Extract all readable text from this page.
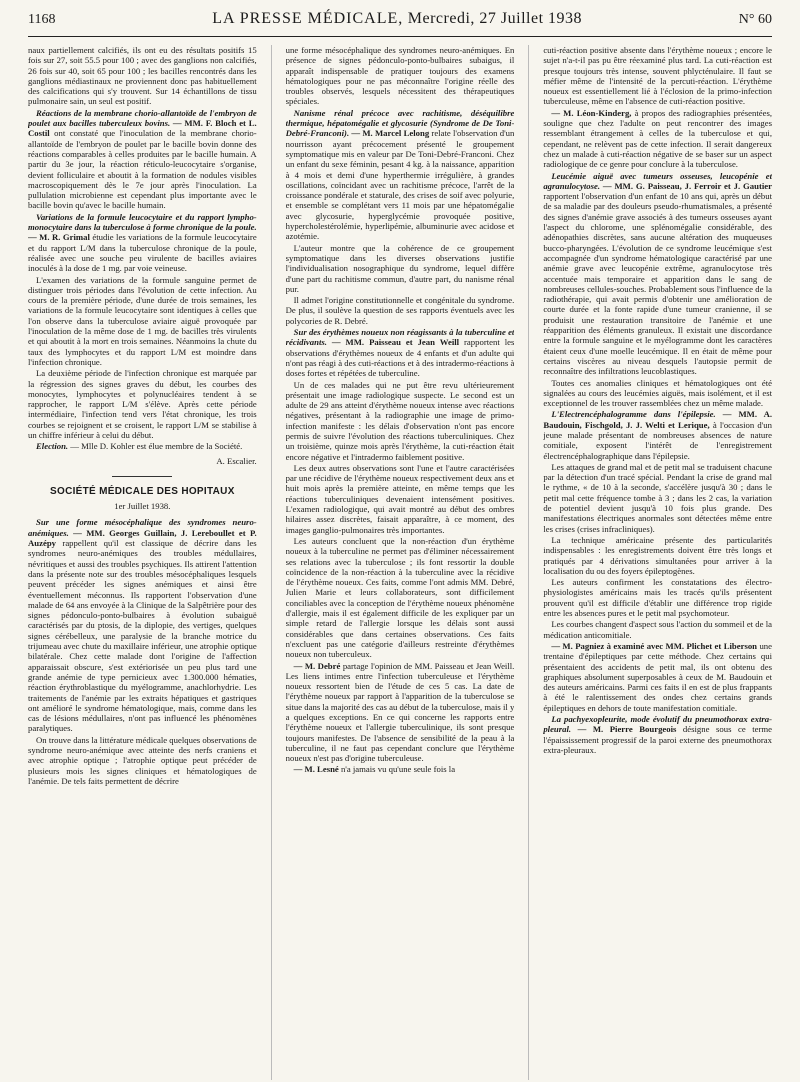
1168	LA PRESSE MÉDICALE, Mercredi, 27 Juillet 1938	N° 60

naux partiellement calcifiés, ils ont eu des résultats positifs 15 fois sur 27, soit 55.5 pour 100 ; avec des ganglions non calcifiés, 26 fois sur 40, soit 65 pour 100 ; les bacilles rencontrés dans les ganglions médiastinaux ne proviennent donc pas habituellement des calcifications qui s'y trouvent. Sur 14 échantillons de tissu pulmonaire sain, un seul est positif.

Réactions de la membrane chorio-allantoïde de l'embryon de poulet aux bacilles tuberculeux bovins. — MM. F. Bloch et L. Costil ont constaté que l'inoculation de la membrane chorio-allantoïde de l'embryon de poulet par le bacille bovin donne des réactions comparables à celles produites par le bacille humain. A partir du 3e jour, la réaction réticulo-leucocytaire s'organise, devient folliculaire et aboutit à la formation de nodules visibles macroscopiquement dès le 7e jour après l'inoculation. La pullulation microbienne est cependant plus importante avec le bacille bovin qu'avec le bacille humain.

Variations de la formule leucocytaire et du rapport lympho-monocytaire dans la tuberculose à forme chronique de la poule. — M. R. Grimal étudie les variations de la formule leucocytaire et du rapport L/M dans la tuberculose chronique de la poule, réalisée avec une souche peu virulente de bacilles aviaires inoculés à la dose de 1 mg. par voie veineuse.

L'examen des variations de la formule sanguine permet de distinguer trois périodes dans l'évolution de cette infection. Au cours de la première période, d'une durée de trois semaines, les variations de la formule leucocytaire sont identiques à celles que l'on observe dans la tuberculose aviaire aiguë provoquée par l'inoculation de la même dose de 1 mg. de bacilles très virulents et qui aboutit à la mort en trois semaines. Néanmoins la chute du taux des lymphocytes et du rapport L/M est moindre dans l'infection chronique.

La deuxième période de l'infection chronique est marquée par la régression des signes graves du début, les courbes des monocytes, lymphocytes et polynucléaires tendent à se rapprocher, le rapport L/M s'élève. Après cette période intermédiaire, l'infection tend vers l'état chronique, les trois courbes se rejoignent et se croisent, le rapport L/M se stabilise à un chiffre inférieur à celui du début.

Election. — Mlle D. Kohler est élue membre de la Société.

A. Escalier.
SOCIÉTÉ MÉDICALE DES HOPITAUX
1er Juillet 1938.

Sur une forme mésocéphalique des syndromes neuro-anémiques. — MM. Georges Guillain, J. Lereboullet et P. Auzépy rappellent qu'il est classique de décrire dans les syndromes neuro-anémiques des troubles médullaires, névritiques et aussi des troubles psychiques. Ils attirent l'attention dans la présente note sur des troubles mésocéphaliques lesquels peuvent précéder les signes anémiques et ainsi être éventuellement méconnus. Ils rapportent l'observation d'une malade de 64 ans envoyée à la Clinique de la Salpêtrière pour des signes pédonculo-ponto-bulbaires à évolution subaiguë caractérisés par du ptosis, de la diplopie, des vertiges, quelques signes cérébelleux, une paralysie de la branche motrice du trijumeau avec chute du maxillaire inférieur, une atrophie optique bilatérale. Chez cette malade dont l'origine de l'affection apparaissait obscure, s'est extériorisée un peu plus tard une grande anémie de type pernicieux avec 1.300.000 hématies, réaction érythroblastique du myélogramme, anachlorhydrie. Les traitements de l'anémie par les extraits hépatiques et gastriques ont amélioré le syndrome hématologique, mais, comme dans les cas de lésions médullaires, n'ont pas influencé les phénomènes paralytiques.

On trouve dans la littérature médicale quelques observations de syndrome neuro-anémique avec atteinte des nerfs craniens et avec atrophie optique ; l'atrophie optique peut précéder de plusieurs mois les signes cliniques et hématologiques de l'anémie. De tels faits permettent de décrire

une forme mésocéphalique des syndromes neuro-anémiques. En présence de signes pédonculo-ponto-bulbaires subaigus, il apparaît indispensable de pratiquer toujours des examens hématologiques pour ne pas méconnaître l'origine réelle des troubles observés, lesquels nécessitent des thérapeutiques spéciales.

Nanisme rénal précoce avec rachitisme, déséquilibre thermique, hépatomégalie et glycosurie (Syndrome de De Toni-Debré-Franconi). — M. Marcel Lelong relate l'observation d'un nourrisson ayant précocement présenté le groupement symptomatique mis en valeur par De Toni-Debré-Franconi. Chez un enfant du sexe féminin, pesant 4 kg. à la naissance, apparition à 4 mois et demi d'une hyperthermie irrégulière, à grandes oscillations, coïncidant avec un rachitisme précoce, l'arrêt de la croissance pondérale et staturale, des crises de soif avec polyurie, et ensemble se complétant vers 11 mois par une hépatomégalie avec glycosurie, hyperglycémie provoquée positive, hypercholestérolémie, hyperlipémie, albuminurie avec acidose et azotémie.

L'auteur montre que la cohérence de ce groupement symptomatique dans les diverses observations justifie l'individualisation nosographique du syndrome, lequel diffère d'une part du rachitisme commun, d'autre part, du nanisme rénal pur.

Il admet l'origine constitutionnelle et congénitale du syndrome. De plus, il soulève la question de ses rapports éventuels avec les polycories de R. Debré.

Sur des érythèmes noueux non réagissants à la tuberculine et récidivants. — MM. Paisseau et Jean Weill rapportent les observations d'érythèmes noueux de 4 enfants et d'un adulte qui n'ont pas réagi à des cuti-réactions et à des intradermo-réactions à doses fortes et répétées de tuberculine.

Un de ces malades qui ne put être revu ultérieurement présentait une image radiologique suspecte. Le second est un adulte de 29 ans atteint d'érythème noueux intense avec réactions négatives, présentant à la radiographie une image de primo-infection manifeste : les délais d'observation n'ont pas encore permis de suivre l'évolution des réactions tuberculiniques. Chez un troisième, quinze mois après l'érythème, la cuti-réaction était encore négative et l'intradermo faiblement positive.

Les deux autres observations sont l'une et l'autre caractérisées par une récidive de l'érythème noueux respectivement deux ans et huit mois après la première atteinte, en même temps que les réactions tuberculiniques devenaient intensément positives. L'examen radiologique, qui avait montré au début des ombres hilaires assez discrètes, faisait apparaître, à ce moment, des images ganglio-pulmonaires très importantes.

Les auteurs concluent que la non-réaction d'un érythème noueux à la tuberculine ne permet pas d'éliminer nécessairement ses relations avec la tuberculose ; ils font ressortir la double coïncidence de la non-réaction à la tuberculine avec la récidive de l'érythème noueux. Ces faits, comme l'ont admis MM. Debré, Julien Marie et leurs collaborateurs, sont difficilement conciliables avec la conception de l'érythème noueux phénomène d'allergie, mais il est également difficile de les expliquer par un simple retard de l'allergie lorsque les délais sont aussi considérables que dans certaines observations. Ces faits n'excluent pas une catégorie d'ailleurs restreinte d'érythèmes noueux non tuberculeux.

— M. Debré partage l'opinion de MM. Paisseau et Jean Weill. Les liens intimes entre l'infection tuberculeuse et l'érythème noueux ressortent bien de l'étude de ces 5 cas. La date de l'érythème noueux par rapport à l'apparition de la tuberculose se situe dans la majorité des cas au début de la tuberculose, mais il y a quelques exceptions. En ce qui concerne les rapports entre l'érythème noueux et l'allergie tuberculinique, ils sont presque toujours manifestes. De l'absence de sensibilité de la peau à la tuberculine, il ne faut pas cependant conclure que l'érythème noueux n'est pas d'origine tuberculeuse.

— M. Lesné n'a jamais vu qu'une seule fois la

cuti-réaction positive absente dans l'érythème noueux ; encore le sujet n'a-t-il pas pu être réexaminé plus tard. La cuti-réaction est presque toujours très intense, souvent phlycténulaire. Il faut se méfier même de l'intensité de la percuti-réaction. L'érythème noueux est essentiellement lié à l'éclosion de la primo-infection tuberculeuse, même en l'absence de cuti-réaction positive.

— M. Léon-Kinderg, à propos des radiographies présentées, souligne que chez l'adulte on peut rencontrer des images ressemblant étrangement à celles de la tuberculose et qui, cependant, ne relèvent pas de cette infection. Il serait dangereux chez un malade à cuti-réaction négative de se baser sur un aspect radiologique de ce genre pour conclure à la tuberculose.

Leucémie aiguë avec tumeurs osseuses, leucopénie et agranulocytose. — MM. G. Paisseau, J. Ferroir et J. Gautier rapportent l'observation d'un enfant de 10 ans qui, après un début de sa maladie par des douleurs pseudo-rhumatismales, a présenté des signes d'anémie grave associés à des tumeurs osseuses ayant l'aspect du chlorome, une splénomégalie considérable, des adénopathies discrètes, sans aucune altération des muqueuses bucco-pharyngées. L'évolution de ce syndrome leucémique s'est accompagnée d'un syndrome hématologique caractérisé par une anémie grave avec leucopénie extrême, agranulocytose très accentuée mais temporaire et apparition dans le sang de nombreuses cellules-souches. Probablement sous l'influence de la radiothérapie, qui avait permis d'obtenir une amélioration de courte durée et la fonte rapide d'une tumeur cranienne, il se produisit une restauration transitoire de l'anémie et une réapparition des éléments granuleux. Il existait une discordance entre la formule sanguine et le myélogramme dont les caractères étaient ceux d'une moelle leucémique. Il en était de même pour certains viscères au niveau desquels l'autopsie permit de reconnaître des infiltrations leucoblastiques.

Toutes ces anomalies cliniques et hématologiques ont été signalées au cours des leucémies aiguës, mais isolément, et il est exceptionnel de les trouver rassemblées chez un même malade.

L'Electrencéphalogramme dans l'épilepsie. — MM. A. Baudouin, Fischgold, J. J. Welti et Lerique, à l'occasion d'un jeune malade présentant de nombreuses absences de nature comitiale, exposent l'intérêt de l'enregistrement électrencéphalographique dans l'épilepsie.

Les attaques de grand mal et de petit mal se traduisent chacune par la détection d'un tracé spécial. Pendant la crise de grand mal le rythme, « de 10 à la seconde, s'accélère jusqu'à 30 ; dans le petit mal cette fréquence tombe à 3 ; dans les 2 cas, la variation de potentiel devient jusqu'à 10 fois plus grande. Des manifestations électriques anormales sont détectées même entre les crises (crises infracliniques).

La technique américaine présente des particularités indispensables : les enregistrements doivent être très longs et pratiqués par 4 dérivations simultanées pour arriver à la localisation du ou des foyers épileptogènes.

Les auteurs confirment les constatations des électro-physiologistes américains mais les tracés qu'ils présentent prouvent qu'il est difficile d'établir une différence trop rigide entre les absences pures et le petit mal psychomoteur.

Les courbes changent d'aspect sous l'action du sommeil et de la médication anticomitiale.

— M. Pagniez à examiné avec MM. Plichet et Liberson une trentaine d'épileptiques par cette méthode. Chez certains qui présentaient des accidents de petit mal, ils ont obtenu des graphiques absolument superposables à ceux de M. Baudouin et des auteurs américains. Parmi ces faits il en est de plus frappants à été le ralentissement des ondes chez certains grands épileptiques en dehors de toute manifestation comitiale.

La pachyexopleurite, mode évolutif du pneumothorax extra-pleural. — M. Pierre Bourgeois désigne sous ce terme l'épaississement progressif de la paroi externe des pneumothorax extra-pleuraux.
